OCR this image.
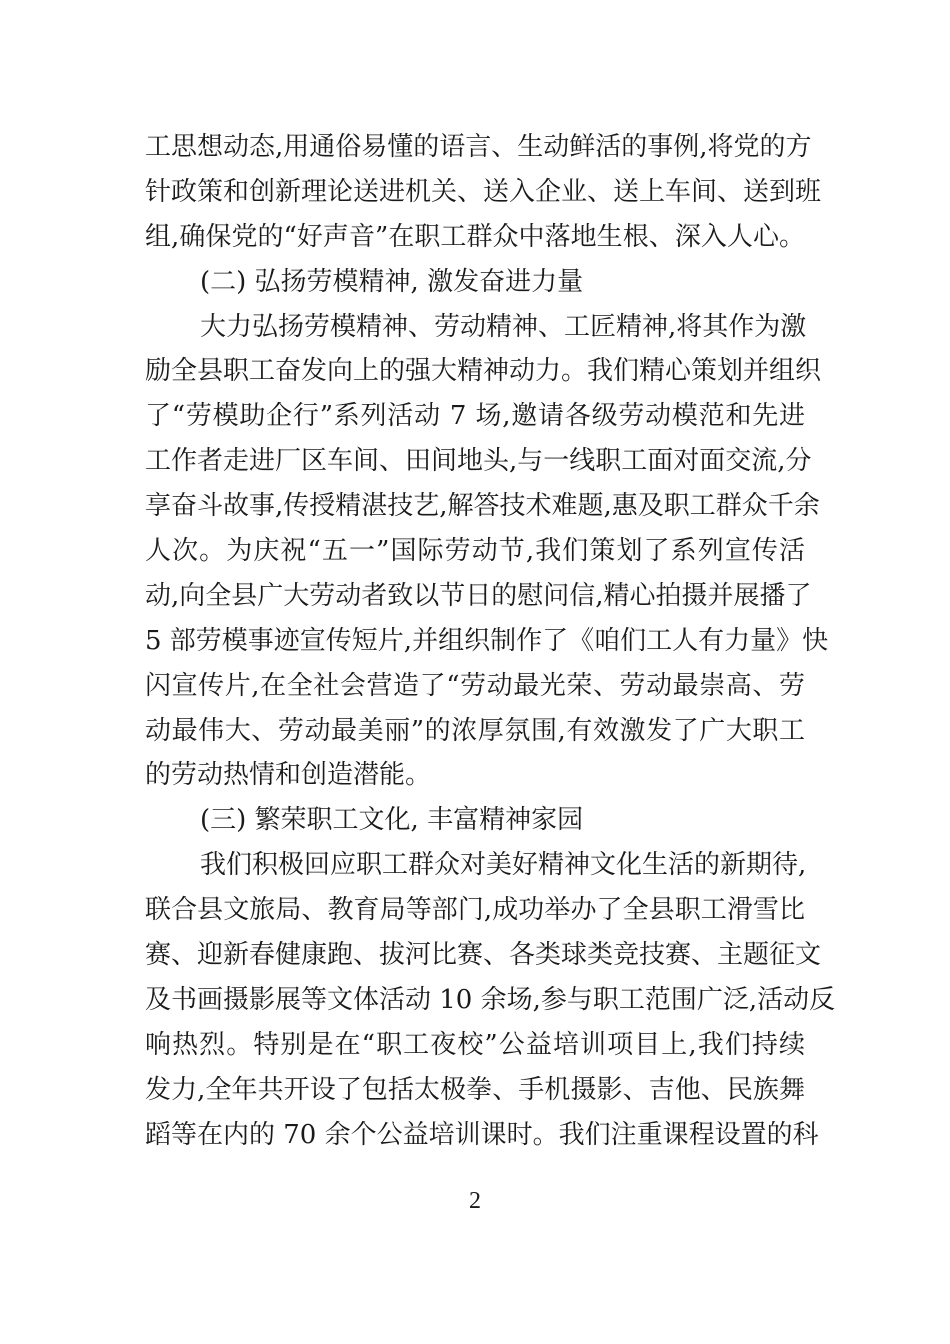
工思想动态,用通俗易懂的语言、生动鲜活的事例,将党的方
针政策和创新理论送进机关、送入企业、送上车间、送到班
组,确保党的“好声音”在职工群众中落地生根、深入人心。
(二) 弘扬劳模精神, 激发奋进力量
大力弘扬劳模精神、劳动精神、工匠精神,将其作为激
励全县职工奋发向上的强大精神动力。我们精心策划并组织
了“劳模助企行”系列活动 7 场,邀请各级劳动模范和先进
工作者走进厂区车间、田间地头,与一线职工面对面交流,分
享奋斗故事,传授精湛技艺,解答技术难题,惠及职工群众千余
人次。为庆祝“五一”国际劳动节,我们策划了系列宣传活
动,向全县广大劳动者致以节日的慰问信,精心拍摄并展播了
5 部劳模事迹宣传短片,并组织制作了《咱们工人有力量》快
闪宣传片,在全社会营造了“劳动最光荣、劳动最崇高、劳
动最伟大、劳动最美丽”的浓厚氛围,有效激发了广大职工
的劳动热情和创造潜能。
(三) 繁荣职工文化, 丰富精神家园
我们积极回应职工群众对美好精神文化生活的新期待,
联合县文旅局、教育局等部门,成功举办了全县职工滑雪比
赛、迎新春健康跑、拔河比赛、各类球类竞技赛、主题征文
及书画摄影展等文体活动 10 余场,参与职工范围广泛,活动反
响热烈。特别是在“职工夜校”公益培训项目上,我们持续
发力,全年共开设了包括太极拳、手机摄影、吉他、民族舞
蹈等在内的 70 余个公益培训课时。我们注重课程设置的科
2
